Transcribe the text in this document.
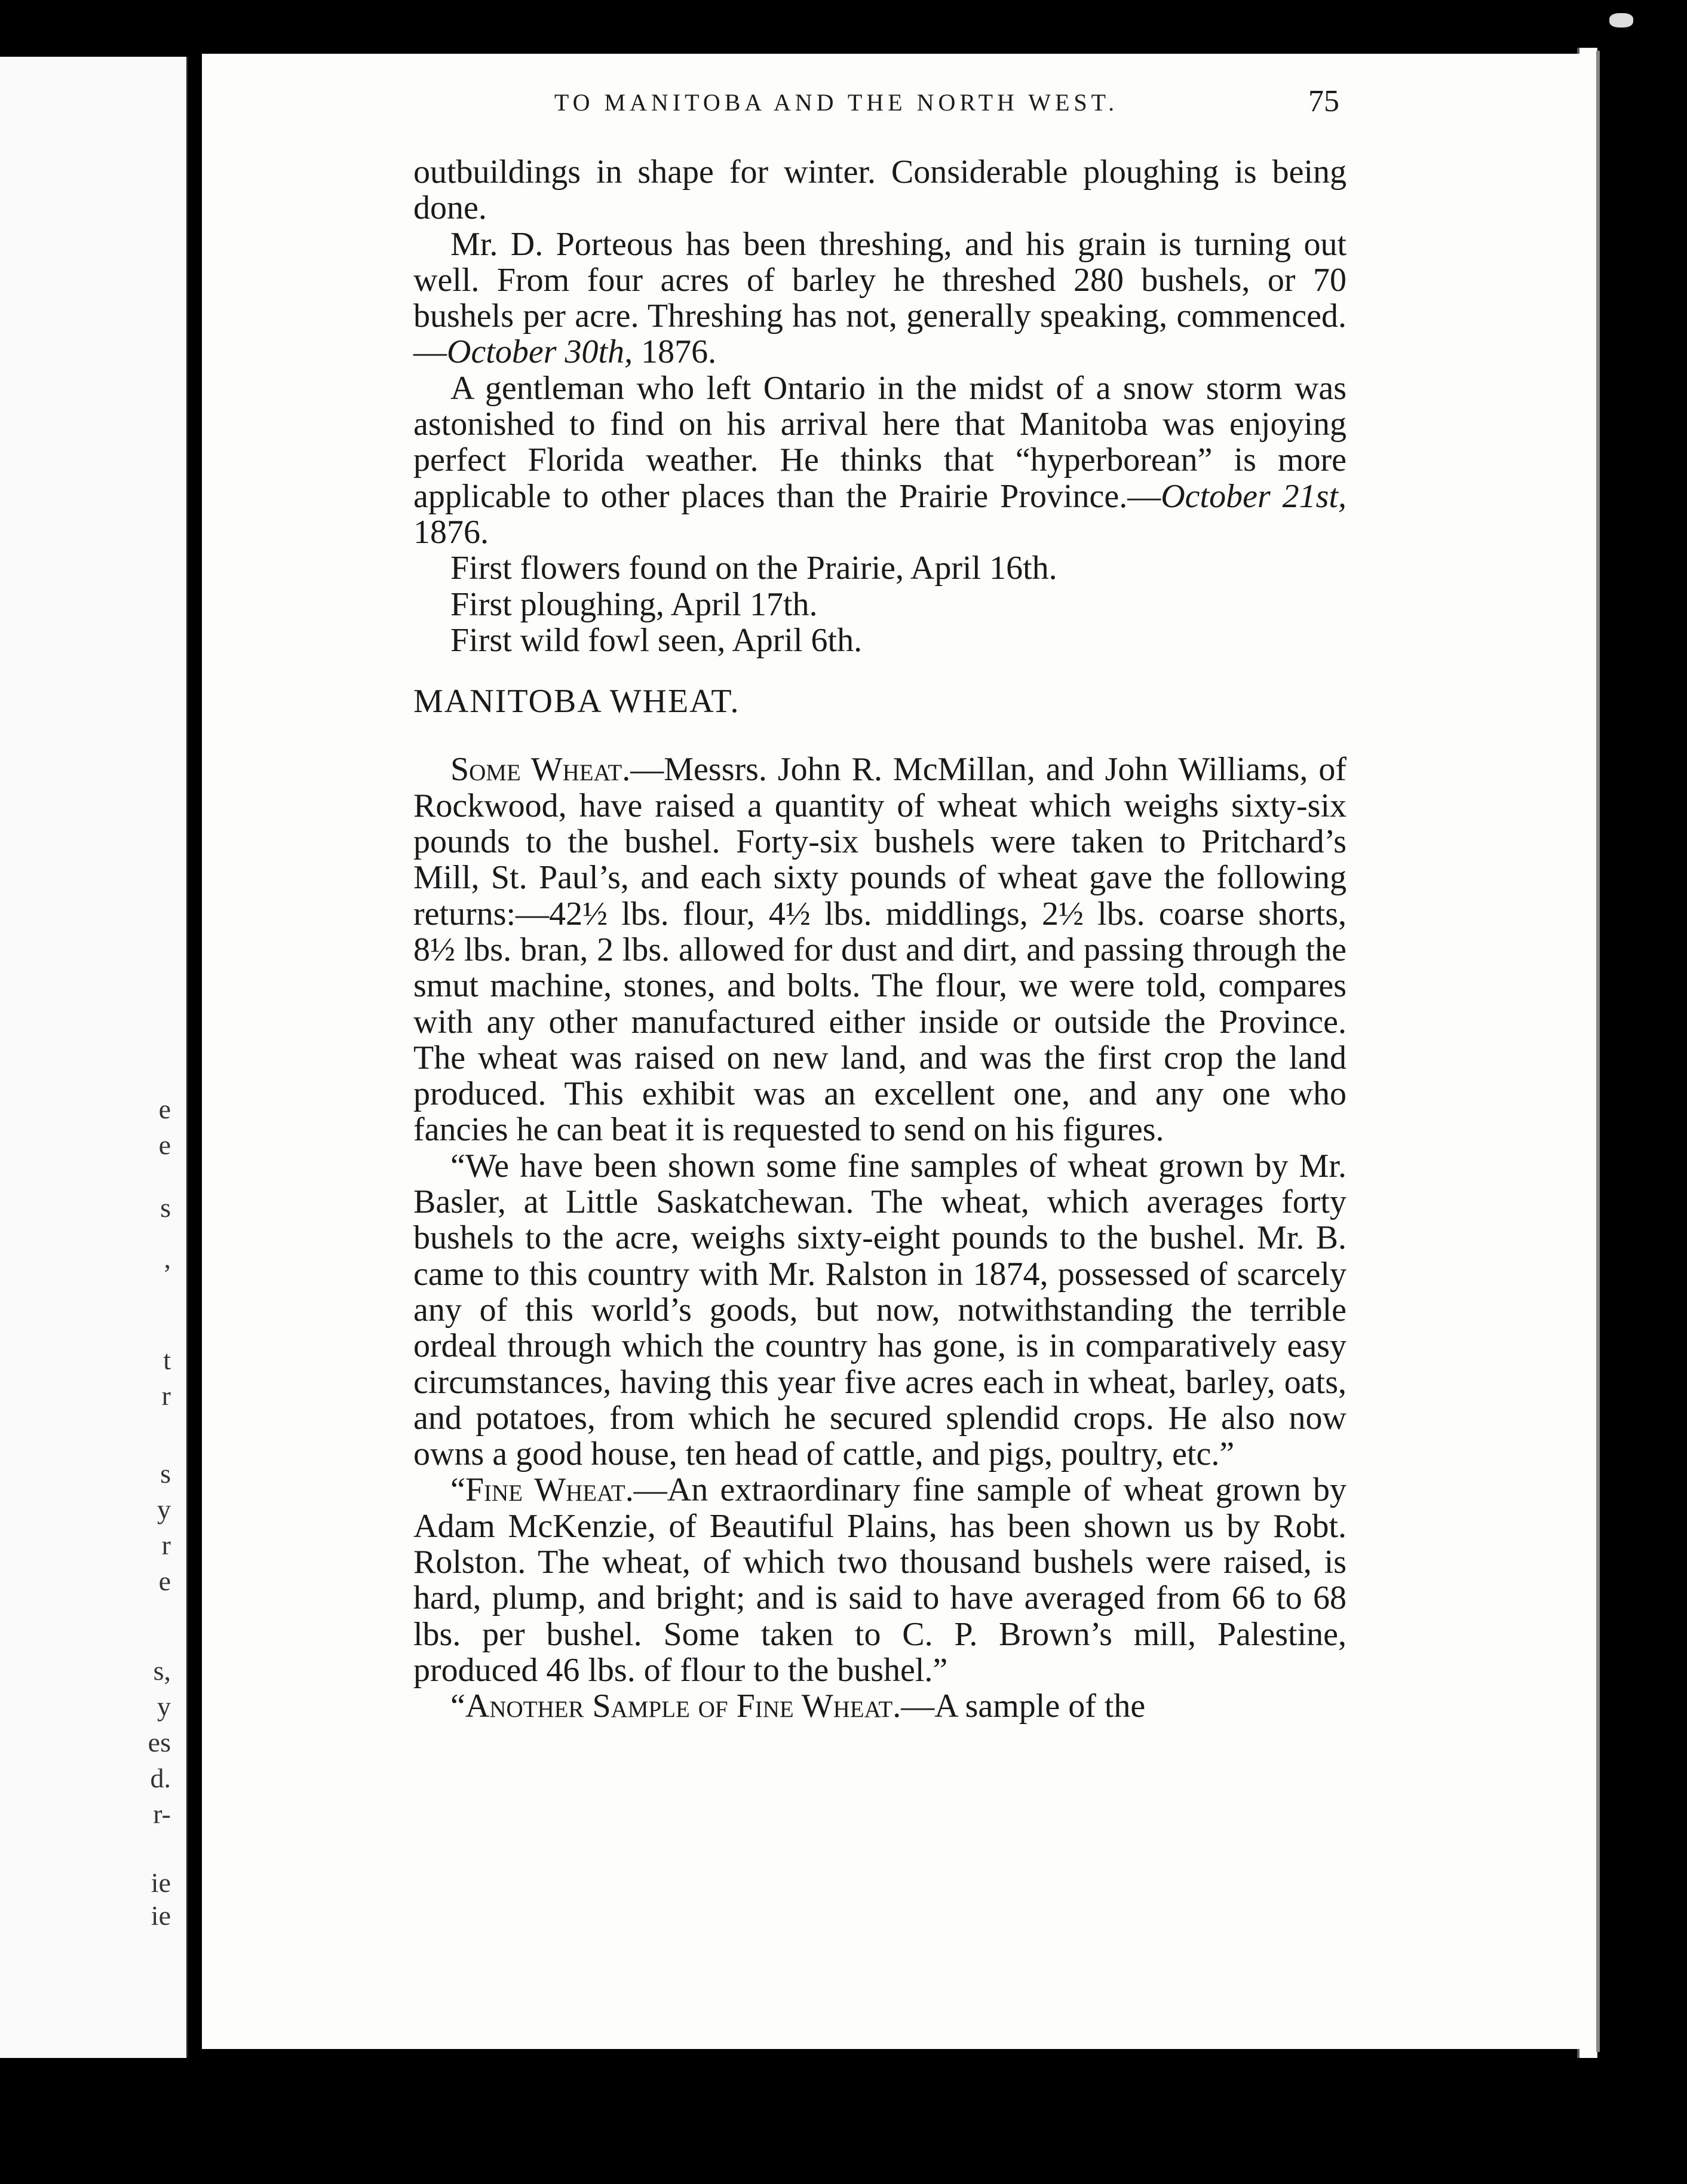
e
e
s
,
t
r
s
y
r
e
s,
y
es
d.
r-
ie
ie
TO MANITOBA AND THE NORTH WEST.	75

outbuildings in shape for winter. Considerable ploughing is being done.

Mr. D. Porteous has been threshing, and his grain is turning out well. From four acres of barley he threshed 280 bushels, or 70 bushels per acre. Threshing has not, generally speaking, commenced.—October 30th, 1876.

A gentleman who left Ontario in the midst of a snow storm was astonished to find on his arrival here that Manitoba was enjoying perfect Florida weather. He thinks that “hyperborean” is more applicable to other places than the Prairie Province.—October 21st, 1876.

First flowers found on the Prairie, April 16th.

First ploughing, April 17th.

First wild fowl seen, April 6th.

MANITOBA WHEAT.

Some Wheat.—Messrs. John R. McMillan, and John Williams, of Rockwood, have raised a quantity of wheat which weighs sixty-six pounds to the bushel. Forty-six bushels were taken to Pritchard’s Mill, St. Paul’s, and each sixty pounds of wheat gave the following returns:—42½ lbs. flour, 4½ lbs. middlings, 2½ lbs. coarse shorts, 8½ lbs. bran, 2 lbs. allowed for dust and dirt, and passing through the smut machine, stones, and bolts. The flour, we were told, compares with any other manufactured either inside or outside the Province. The wheat was raised on new land, and was the first crop the land produced. This exhibit was an excellent one, and any one who fancies he can beat it is requested to send on his figures.

“We have been shown some fine samples of wheat grown by Mr. Basler, at Little Saskatchewan. The wheat, which averages forty bushels to the acre, weighs sixty-eight pounds to the bushel. Mr. B. came to this country with Mr. Ralston in 1874, possessed of scarcely any of this world’s goods, but now, notwithstanding the terrible ordeal through which the country has gone, is in comparatively easy circumstances, having this year five acres each in wheat, barley, oats, and potatoes, from which he secured splendid crops. He also now owns a good house, ten head of cattle, and pigs, poultry, etc.”

“Fine Wheat.—An extraordinary fine sample of wheat grown by Adam McKenzie, of Beautiful Plains, has been shown us by Robt. Rolston. The wheat, of which two thousand bushels were raised, is hard, plump, and bright; and is said to have averaged from 66 to 68 lbs. per bushel. Some taken to C. P. Brown’s mill, Palestine, produced 46 lbs. of flour to the bushel.”

“Another Sample of Fine Wheat.—A sample of the
